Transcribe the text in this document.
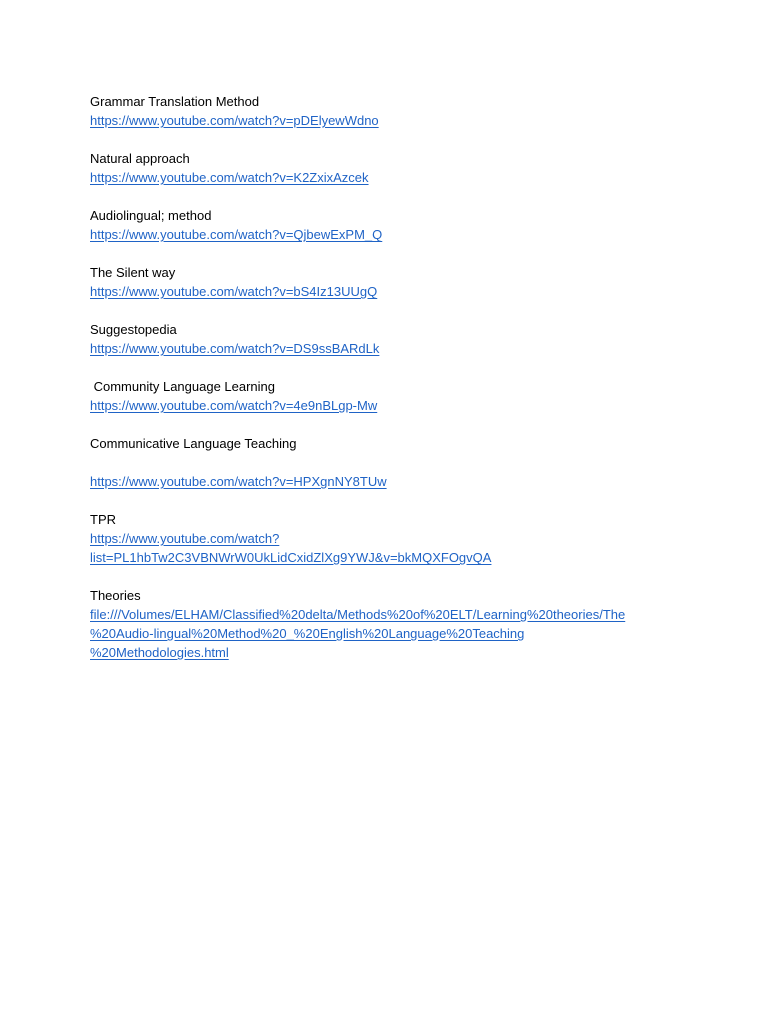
Grammar Translation Method
https://www.youtube.com/watch?v=pDElyewWdno
Natural approach
https://www.youtube.com/watch?v=K2ZxixAzcek
Audiolingual; method
https://www.youtube.com/watch?v=QjbewExPM_Q
The Silent way
https://www.youtube.com/watch?v=bS4Iz13UUgQ
Suggestopedia
https://www.youtube.com/watch?v=DS9ssBARdLk
Community Language Learning
https://www.youtube.com/watch?v=4e9nBLgp-Mw
Communicative Language Teaching
https://www.youtube.com/watch?v=HPXgnNY8TUw
TPR
https://www.youtube.com/watch?
list=PL1hbTw2C3VBNWrW0UkLidCxidZlXg9YWJ&v=bkMQXFOgvQA
Theories
file:///Volumes/ELHAM/Classified%20delta/Methods%20of%20ELT/Learning%20theories/The
%20Audio-lingual%20Method%20_%20English%20Language%20Teaching
%20Methodologies.html
